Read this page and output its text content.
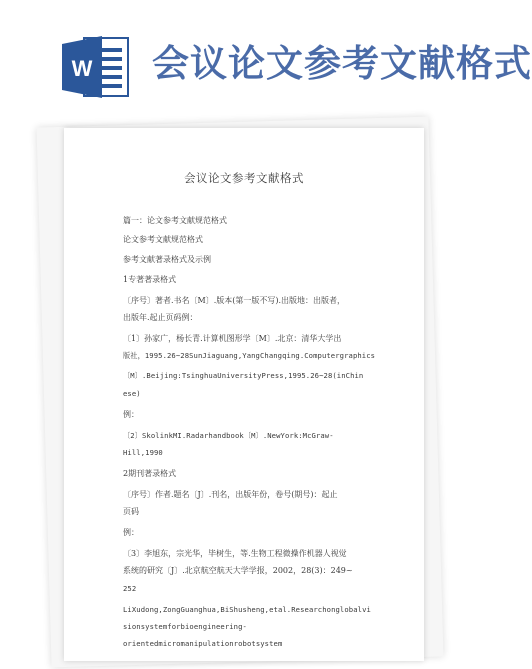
W 会议论文参考文献格式
会议论文参考文献格式
篇一：论文参考文献规范格式
论文参考文献规范格式
参考文献著录格式及示例
1专著著录格式
〔序号〕著者.书名〔M〕.版本(第一版不写).出版地：出版者，
出版年.起止页码例：
〔1〕孙家广，杨长青.计算机图形学〔M〕.北京：清华大学出
版社，1995.26~28SunJiaguang,YangChangqing.Computergraphics
〔M〕.Beijing:TsinghuaUniversityPress,1995.26~28(inChin
ese)
例：
〔2〕SkolinkMI.Radarhandbook〔M〕.NewYork:McGraw-
Hill,1990
2期刊著录格式
〔序号〕作者.题名〔J〕.刊名，出版年份，卷号(期号)：起止
页码
例：
〔3〕李旭东，宗光华，毕树生，等.生物工程微操作机器人视觉
系统的研究〔J〕.北京航空航天大学学报，2002，28(3)：249~
252
LiXudong,ZongGuanghua,BiShusheng,etal.Researchonglobalvi
sionsystemforbioengineering-
orientedmicromanipulationrobotsystem
